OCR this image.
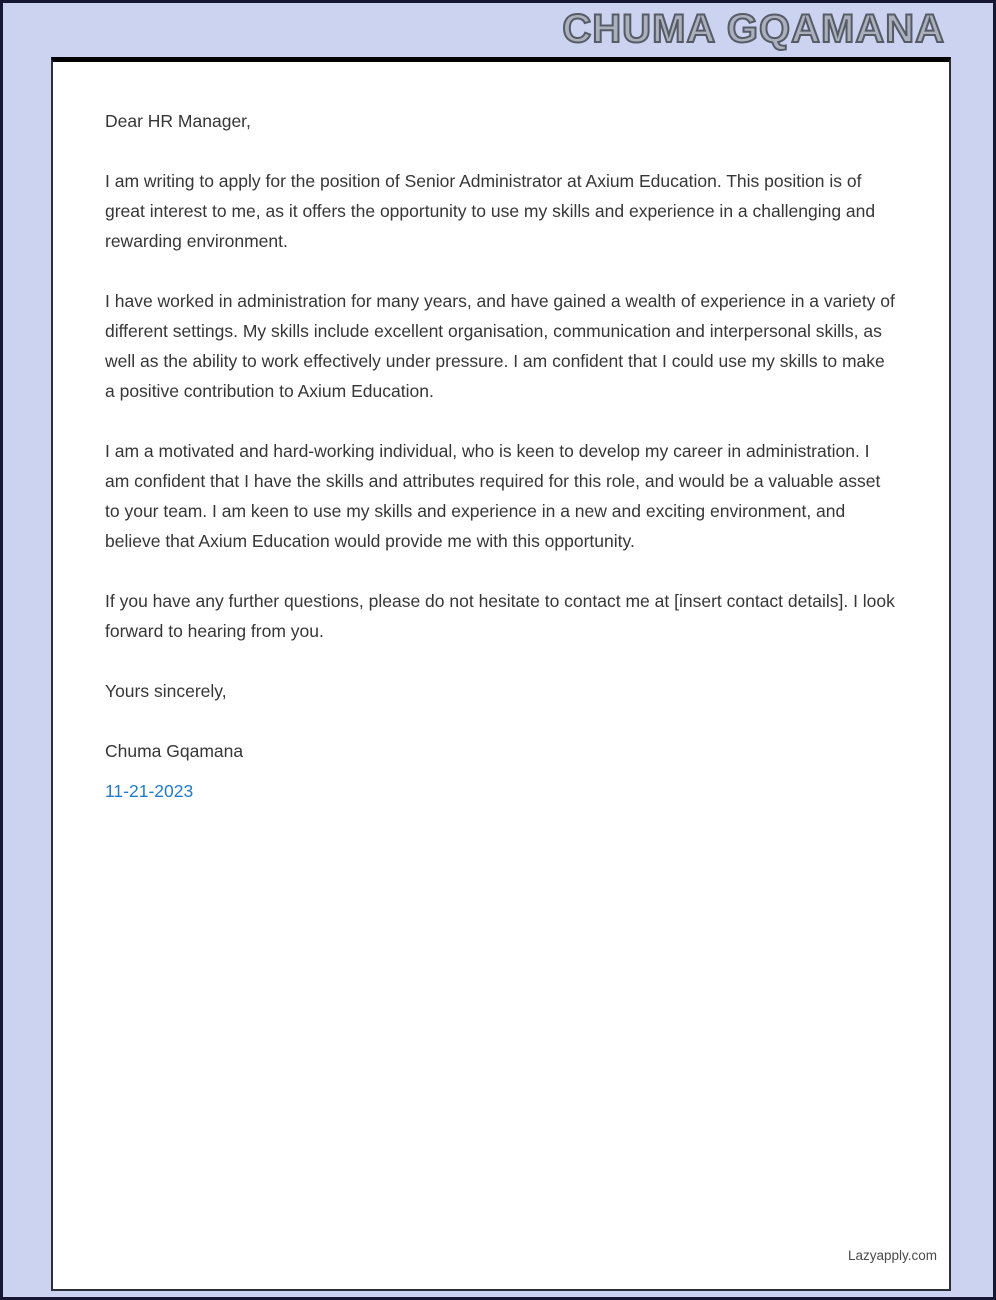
CHUMA GQAMANA

Dear HR Manager,

I am writing to apply for the position of Senior Administrator at Axium Education. This position is of great interest to me, as it offers the opportunity to use my skills and experience in a challenging and rewarding environment.

I have worked in administration for many years, and have gained a wealth of experience in a variety of different settings. My skills include excellent organisation, communication and interpersonal skills, as well as the ability to work effectively under pressure. I am confident that I could use my skills to make a positive contribution to Axium Education.

I am a motivated and hard-working individual, who is keen to develop my career in administration. I am confident that I have the skills and attributes required for this role, and would be a valuable asset to your team. I am keen to use my skills and experience in a new and exciting environment, and believe that Axium Education would provide me with this opportunity.

If you have any further questions, please do not hesitate to contact me at [insert contact details]. I look forward to hearing from you.

Yours sincerely,

Chuma Gqamana

11-21-2023

Lazyapply.com
